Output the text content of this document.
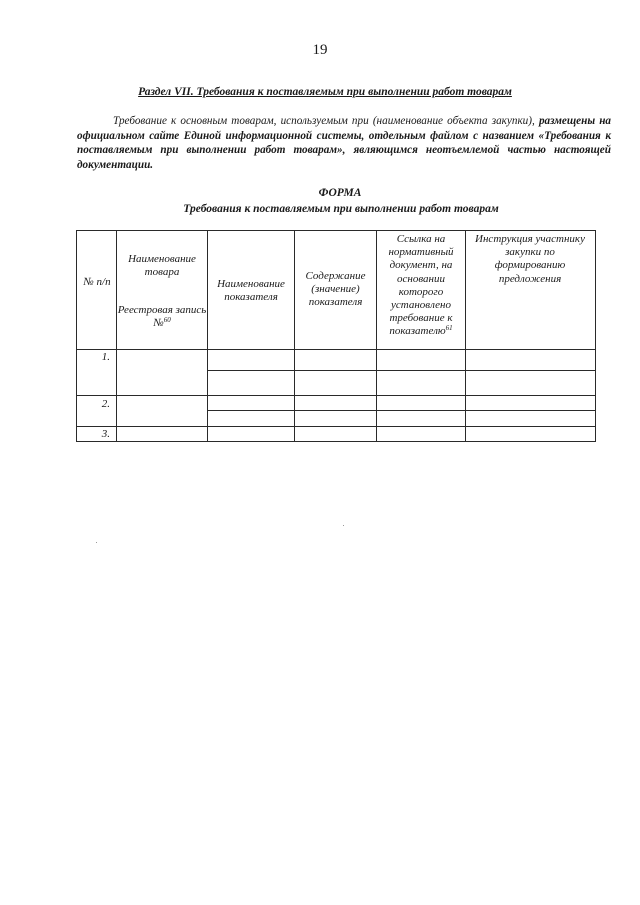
19
Раздел VII. Требования к поставляемым при выполнении работ товарам
Требование к основным товарам, используемым при (наименование объекта закупки), размещены на официальном сайте Единой информационной системы, отдельным файлом с названием «Требования к поставляемым при выполнении работ товарам», являющимся неотъемлемой частью настоящей документации.
ФОРМА
Требования к поставляемым при выполнении работ товарам
№ п/п
Наименование товара
Реестровая запись №$^{60}$
Наименование показателя
Содержание (значение) показателя
Ссылка на нормативный документ, на основании которого установлено требование к показателю$^{61}$
Инструкция участнику закупки по формированию предложения
1.
2.
3.
